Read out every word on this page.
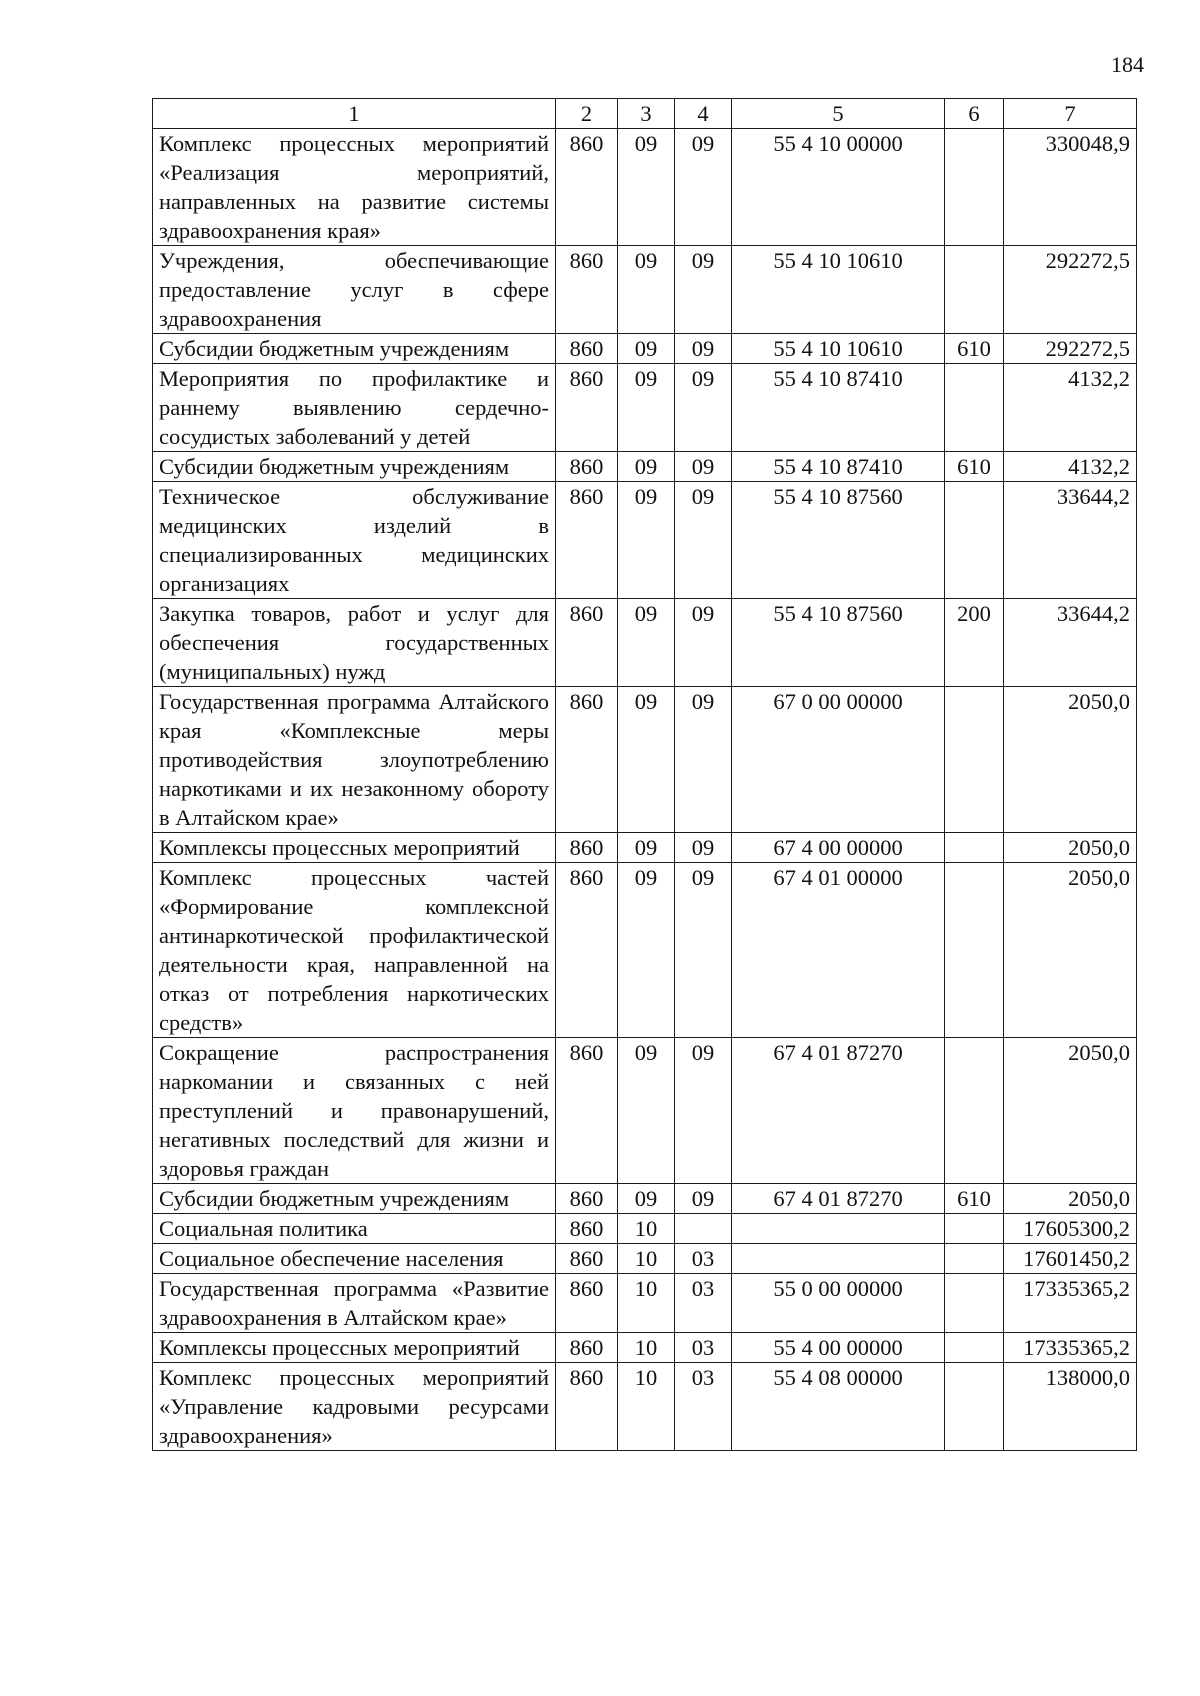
184
1	2	3	4	5	6	7
Комплекс процессных мероприятий «Реализация мероприятий, направленных на развитие системы здравоохранения края»	860	09	09	55 4 10 00000		330048,9
Учреждения, обеспечивающие предоставление услуг в сфере здравоохранения	860	09	09	55 4 10 10610		292272,5
Субсидии бюджетным учреждениям	860	09	09	55 4 10 10610	610	292272,5
Мероприятия по профилактике и раннему выявлению сердечно-сосудистых заболеваний у детей	860	09	09	55 4 10 87410		4132,2
Субсидии бюджетным учреждениям	860	09	09	55 4 10 87410	610	4132,2
Техническое обслуживание медицинских изделий в специализированных медицинских организациях	860	09	09	55 4 10 87560		33644,2
Закупка товаров, работ и услуг для обеспечения государственных (муниципальных) нужд	860	09	09	55 4 10 87560	200	33644,2
Государственная программа Алтайского края «Комплексные меры противодействия злоупотреблению наркотиками и их незаконному обороту в Алтайском крае»	860	09	09	67 0 00 00000		2050,0
Комплексы процессных мероприятий	860	09	09	67 4 00 00000		2050,0
Комплекс процессных частей «Формирование комплексной антинаркотической профилактической деятельности края, направленной на отказ от потребления наркотических средств»	860	09	09	67 4 01 00000		2050,0
Сокращение распространения наркомании и связанных с ней преступлений и правонарушений, негативных последствий для жизни и здоровья граждан	860	09	09	67 4 01 87270		2050,0
Субсидии бюджетным учреждениям	860	09	09	67 4 01 87270	610	2050,0
Социальная политика	860	10				17605300,2
Социальное обеспечение населения	860	10	03			17601450,2
Государственная программа «Развитие здравоохранения в Алтайском крае»	860	10	03	55 0 00 00000		17335365,2
Комплексы процессных мероприятий	860	10	03	55 4 00 00000		17335365,2
Комплекс процессных мероприятий «Управление кадровыми ресурсами здравоохранения»	860	10	03	55 4 08 00000		138000,0
